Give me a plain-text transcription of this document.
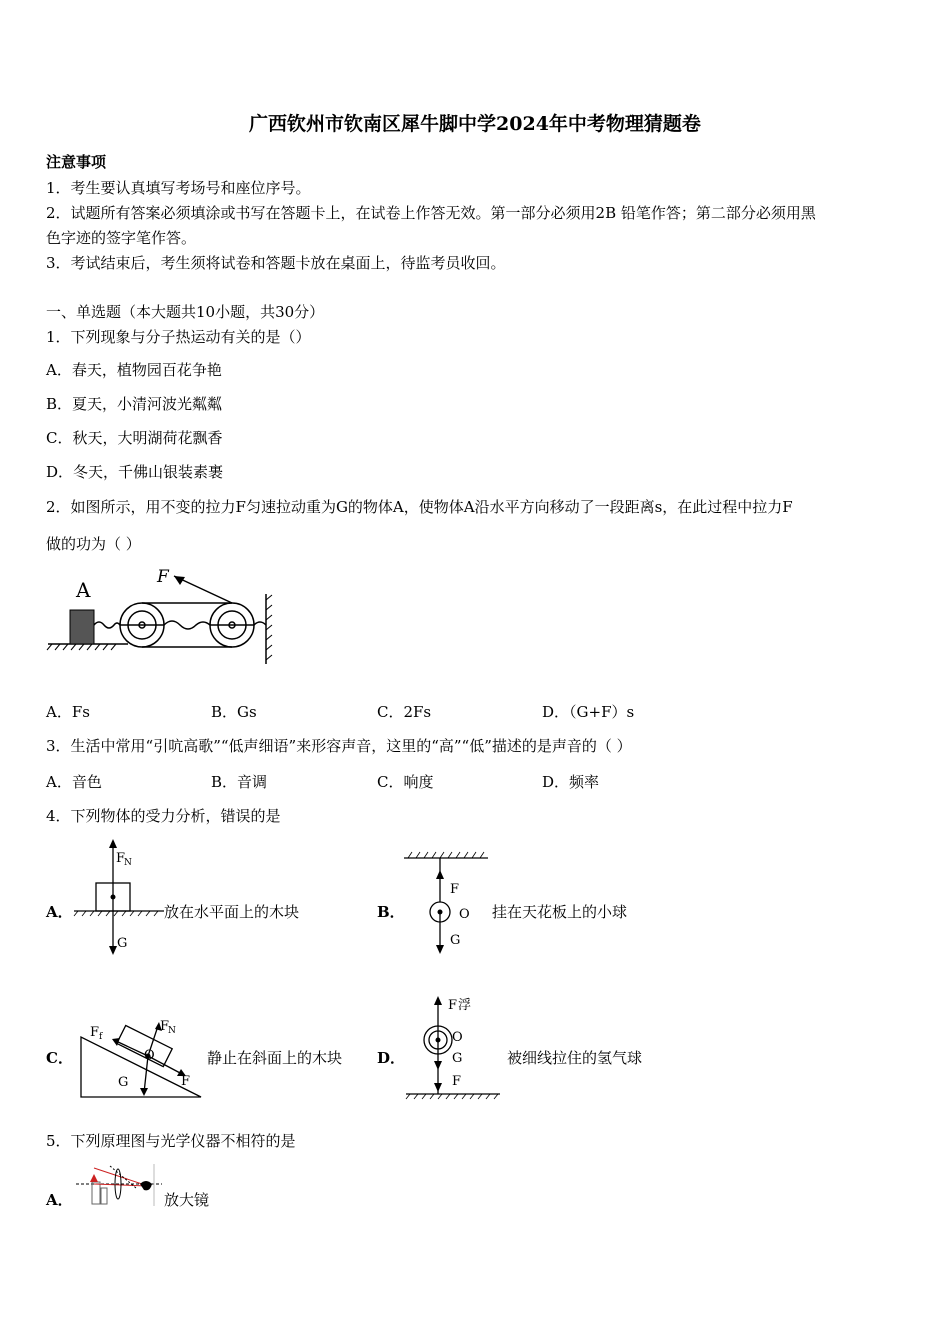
广西钦州市钦南区犀牛脚中学2024年中考物理猜题卷
注意事项
1．考生要认真填写考场号和座位序号。
2．试题所有答案必须填涂或书写在答题卡上，在试卷上作答无效。第一部分必须用2B 铅笔作答；第二部分必须用黑
色字迹的签字笔作答。
3．考试结束后，考生须将试卷和答题卡放在桌面上，待监考员收回。
一、单选题（本大题共10小题，共30分）
1．下列现象与分子热运动有关的是（）
A．春天，植物园百花争艳
B．夏天，小清河波光粼粼
C．秋天，大明湖荷花飘香
D．冬天，千佛山银装素裹
2．如图所示，用不变的拉力F匀速拉动重为G的物体A，使物体A沿水平方向移动了一段距离s，在此过程中拉力F
做的功为（ ）
A
F
A．Fs	B．Gs	C．2Fs	D．（G+F）s
3．生活中常用“引吭高歌”“低声细语”来形容声音，这里的“高”“低”描述的是声音的（ ）
A．音色	B．音调	C．响度	D．频率
4．下列物体的受力分析，错误的是
A．
F
N
G
放在水平面上的木块	B．
F
O
G
挂在天花板上的小球
C．
F f
F
N
O
G	F
静止在斜面上的木块 D．
F 浮
O
G
F
被细线拉住的氢气球
5．下列原理图与光学仪器不相符的是
A．	放大镜
